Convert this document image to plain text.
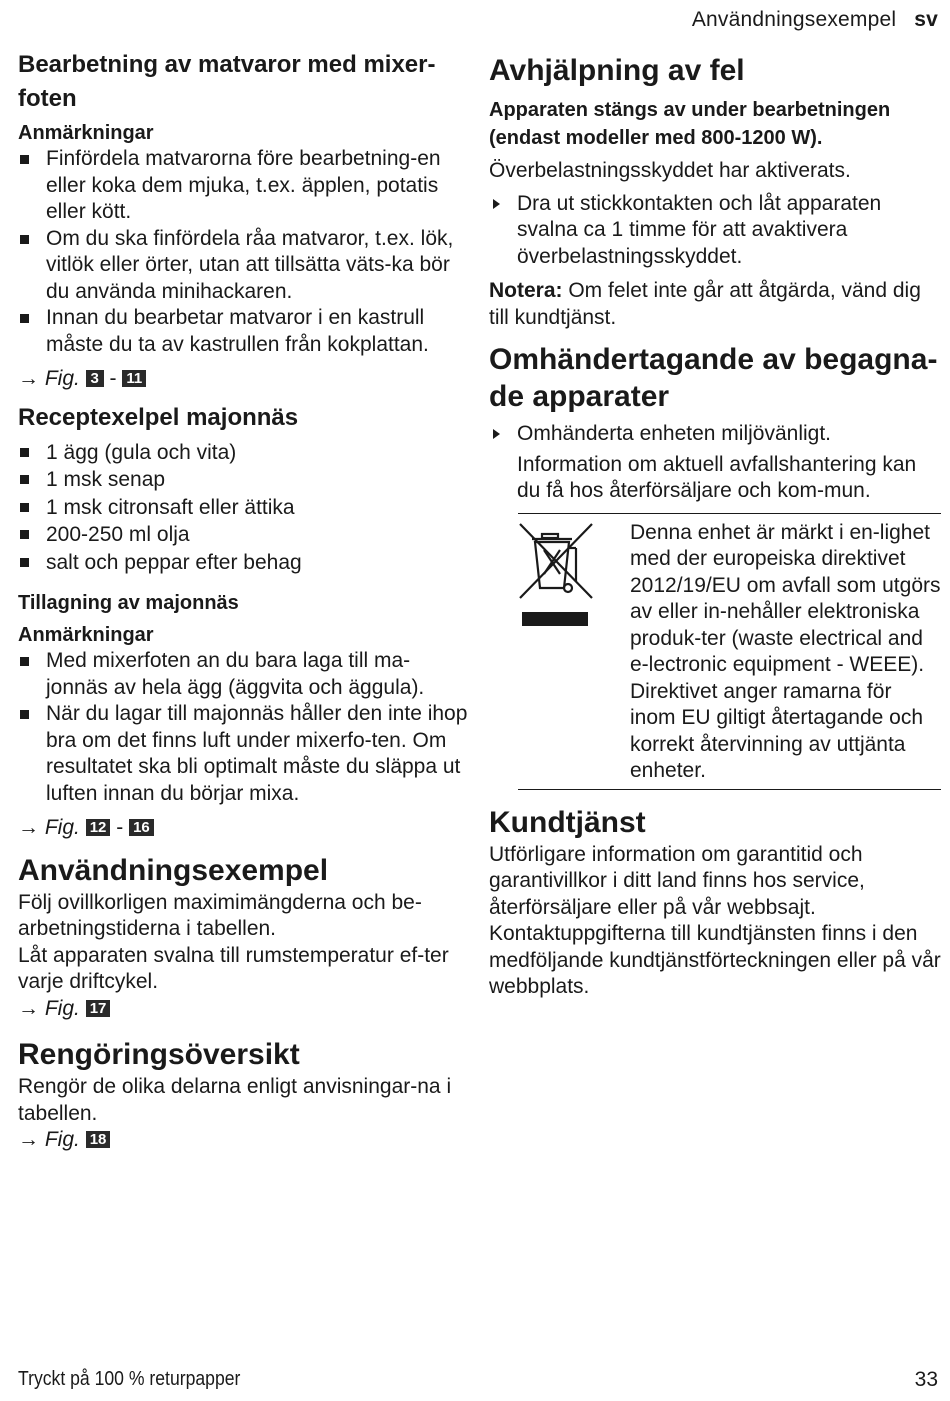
Användningsexempel sv
Bearbetning av matvaror med mixer-
foten
Anmärkningar
Finfördela matvarorna före bearbetning-en eller koka dem mjuka, t.ex. äpplen, potatis eller kött.
Om du ska finfördela råa matvaror, t.ex. lök, vitlök eller örter, utan att tillsätta väts-ka bör du använda minihackaren.
Innan du bearbetar matvaror i en kastrull måste du ta av kastrullen från kokplattan.

→ Fig. 3 - 11

Receptexelpel majonnäs
1 ägg (gula och vita)
1 msk senap
1 msk citronsaft eller ättika
200-250 ml olja
salt och peppar efter behag
Tillagning av majonnäs
Anmärkningar
Med mixerfoten an du bara laga till ma-jonnäs av hela ägg (äggvita och äggula).
När du lagar till majonnäs håller den inte ihop bra om det finns luft under mixerfo-ten. Om resultatet ska bli optimalt måste du släppa ut luften innan du börjar mixa.

→ Fig. 12 - 16

Användningsexempel

Följ ovillkorligen maximimängderna och be-arbetningstiderna i tabellen.

Låt apparaten svalna till rumstemperatur ef-ter varje driftcykel.

→ Fig. 17

Rengöringsöversikt

Rengör de olika delarna enligt anvisningar-na i tabellen.

→ Fig. 18

Avhjälpning av fel
Apparaten stängs av under bearbetningen (endast modeller med 800-1200 W).

Överbelastningsskyddet har aktiverats.

Dra ut stickkontakten och låt apparaten svalna ca 1 timme för att avaktivera överbelastningsskyddet.

Notera: Om felet inte går att åtgärda, vänd dig till kundtjänst.

Omhändertagande av begagna-de apparater
Omhänderta enheten miljövänligt.
Information om aktuell avfallshantering kan du få hos återförsäljare och kom-mun.
Denna enhet är märkt i en-lighet med der europeiska direktivet 2012/19/EU om avfall som utgörs av eller in-nehåller elektroniska produk-ter (waste electrical and e-lectronic equipment - WEEE).
Direktivet anger ramarna för inom EU giltigt återtagande och korrekt återvinning av uttjänta enheter.
Kundtjänst

Utförligare information om garantitid och garantivillkor i ditt land finns hos service, återförsäljare eller på vår webbsajt.

Kontaktuppgifterna till kundtjänsten finns i den medföljande kundtjänstförteckningen eller på vår webbplats.

Tryckt på 100 % returpapper	33
